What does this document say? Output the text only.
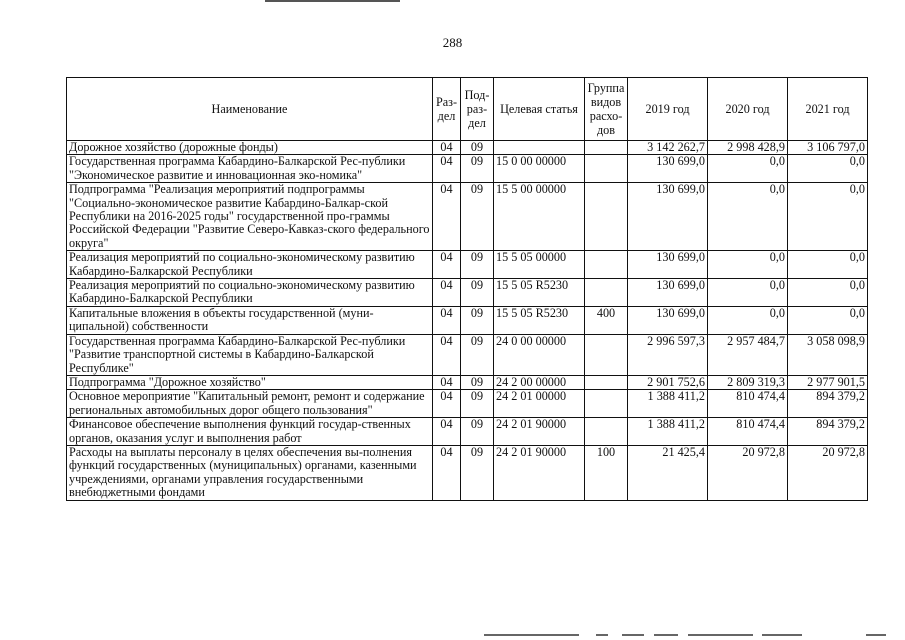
288
Наименование	Раз- дел	Под- раз- дел	Целевая статья	Группа видов расхо- дов	2019 год	2020 год	2021 год
Дорожное хозяйство (дорожные фонды)	04	09			3 142 262,7	2 998 428,9	3 106 797,0
Государственная программа Кабардино-Балкарской Рес-публики "Экономическое развитие и инновационная эко-номика"	04	09	15 0 00 00000		130 699,0	0,0	0,0
Подпрограмма "Реализация мероприятий подпрограммы "Социально-экономическое развитие Кабардино-Балкар-ской Республики на 2016-2025 годы" государственной про-граммы Российской Федерации "Развитие Северо-Кавказ-ского федерального округа"	04	09	15 5 00 00000		130 699,0	0,0	0,0
Реализация мероприятий по социально-экономическому развитию Кабардино-Балкарской Республики	04	09	15 5 05 00000		130 699,0	0,0	0,0
Реализация мероприятий по социально-экономическому развитию Кабардино-Балкарской Республики	04	09	15 5 05 R5230		130 699,0	0,0	0,0
Капитальные вложения в объекты государственной (муни-ципальной) собственности	04	09	15 5 05 R5230	400	130 699,0	0,0	0,0
Государственная программа Кабардино-Балкарской Рес-публики "Развитие транспортной системы в Кабардино-Балкарской Республике"	04	09	24 0 00 00000		2 996 597,3	2 957 484,7	3 058 098,9
Подпрограмма "Дорожное хозяйство"	04	09	24 2 00 00000		2 901 752,6	2 809 319,3	2 977 901,5
Основное мероприятие "Капитальный ремонт, ремонт и содержание региональных автомобильных дорог общего пользования"	04	09	24 2 01 00000		1 388 411,2	810 474,4	894 379,2
Финансовое обеспечение выполнения функций государ-ственных органов, оказания услуг и выполнения работ	04	09	24 2 01 90000		1 388 411,2	810 474,4	894 379,2
Расходы на выплаты персоналу в целях обеспечения вы-полнения функций государственных (муниципальных) органами, казенными учреждениями, органами управления государственными внебюджетными фондами	04	09	24 2 01 90000	100	21 425,4	20 972,8	20 972,8
